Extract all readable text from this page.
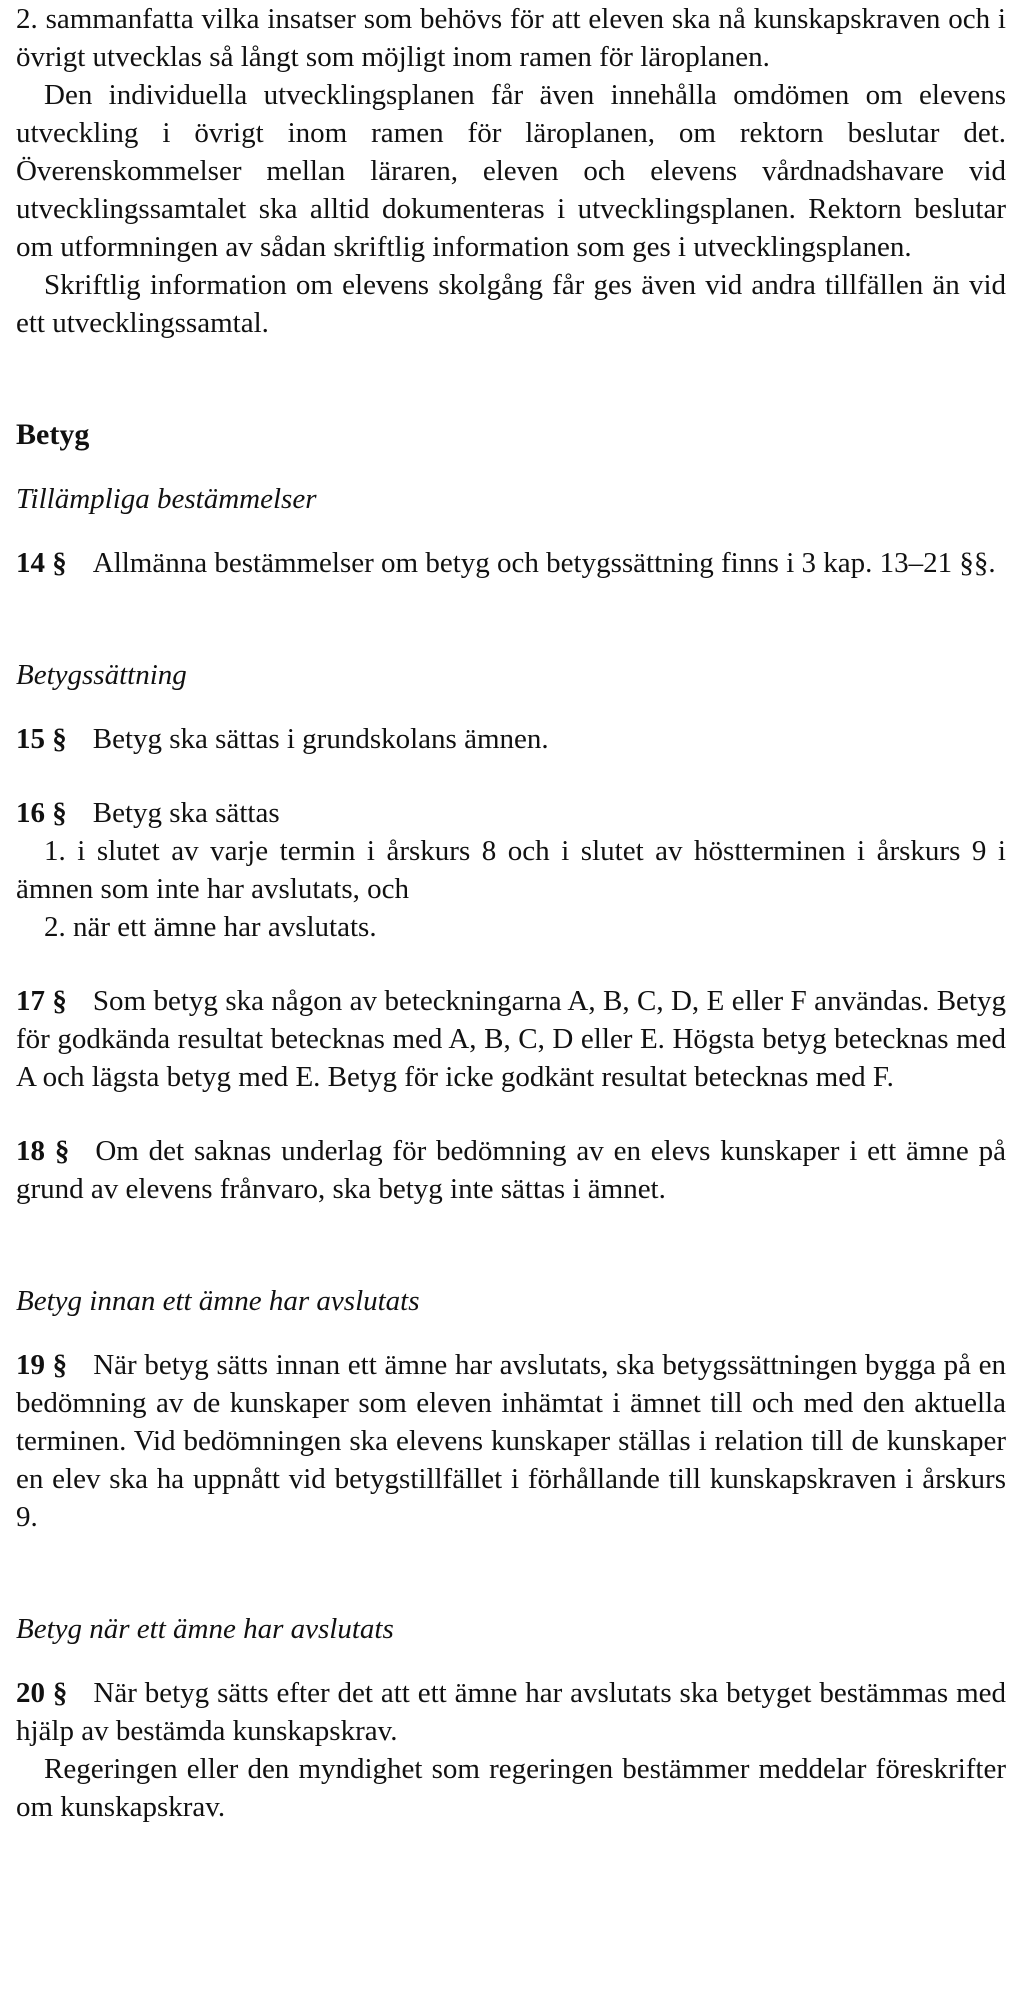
2. sammanfatta vilka insatser som behövs för att eleven ska nå kunskapskraven och i övrigt utvecklas så långt som möjligt inom ramen för läroplanen.

Den individuella utvecklingsplanen får även innehålla omdömen om elevens utveckling i övrigt inom ramen för läroplanen, om rektorn beslutar det. Överenskommelser mellan läraren, eleven och elevens vårdnadshavare vid utvecklingssamtalet ska alltid dokumenteras i utvecklingsplanen. Rektorn beslutar om utformningen av sådan skriftlig information som ges i utvecklingsplanen.

Skriftlig information om elevens skolgång får ges även vid andra tillfällen än vid ett utvecklingssamtal.

Betyg

Tillämpliga bestämmelser

14 § Allmänna bestämmelser om betyg och betygssättning finns i 3 kap. 13–21 §§.

Betygssättning

15 § Betyg ska sättas i grundskolans ämnen.

16 § Betyg ska sättas

1. i slutet av varje termin i årskurs 8 och i slutet av höstterminen i årskurs 9 i ämnen som inte har avslutats, och

2. när ett ämne har avslutats.

17 § Som betyg ska någon av beteckningarna A, B, C, D, E eller F användas. Betyg för godkända resultat betecknas med A, B, C, D eller E. Högsta betyg betecknas med A och lägsta betyg med E. Betyg för icke godkänt resultat betecknas med F.

18 § Om det saknas underlag för bedömning av en elevs kunskaper i ett ämne på grund av elevens frånvaro, ska betyg inte sättas i ämnet.

Betyg innan ett ämne har avslutats

19 § När betyg sätts innan ett ämne har avslutats, ska betygssättningen bygga på en bedömning av de kunskaper som eleven inhämtat i ämnet till och med den aktuella terminen. Vid bedömningen ska elevens kunskaper ställas i relation till de kunskaper en elev ska ha uppnått vid betygstillfället i förhållande till kunskapskraven i årskurs 9.

Betyg när ett ämne har avslutats

20 § När betyg sätts efter det att ett ämne har avslutats ska betyget bestämmas med hjälp av bestämda kunskapskrav.

Regeringen eller den myndighet som regeringen bestämmer meddelar föreskrifter om kunskapskrav.
